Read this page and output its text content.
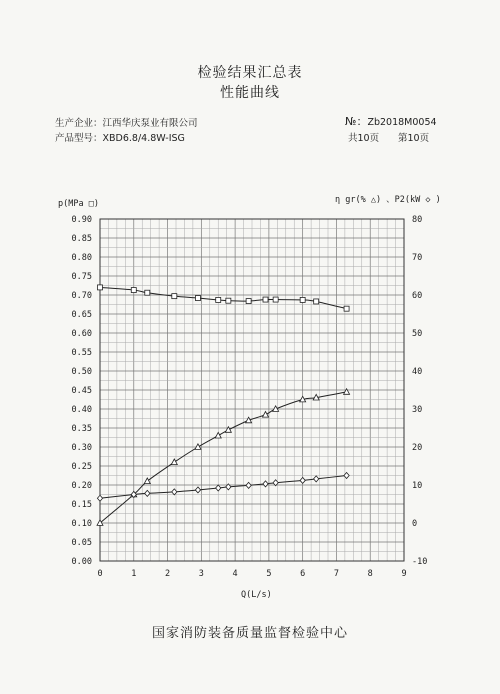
检验结果汇总表
性能曲线
生产企业：江西华庆泵业有限公司
产品型号：XBD6.8/4.8W-ISG
№：Zb2018M0054
共10页 第10页
0	1	2	3	4	5	6	7	8	9
0.00
0.05
0.10
0.15
0.20
0.25
0.30
0.35
0.40
0.45
0.50
0.55
0.60
0.65
0.70
0.75
0.80
0.85
0.90
-10
0
10
20
30
40
50
60
70
80
p(MPa □)	η gr(% △) 、P2(kW ◇ )
Q(L/s)
国家消防装备质量监督检验中心
